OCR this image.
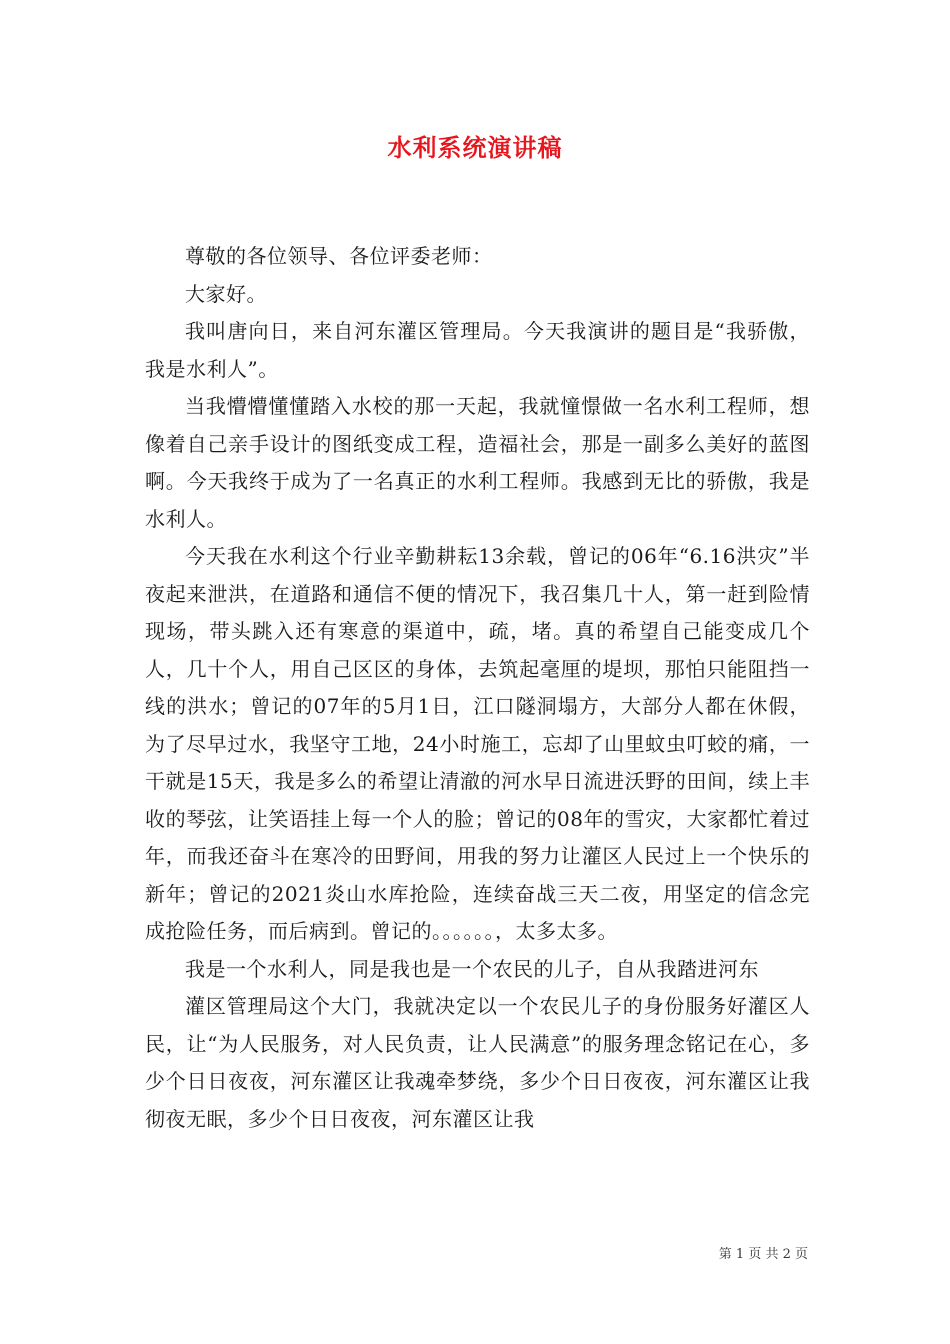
水利系统演讲稿

尊敬的各位领导、各位评委老师：

大家好。

我叫唐向日，来自河东灌区管理局。今天我演讲的题目是“我骄傲，我是水利人”。

当我懵懵懂懂踏入水校的那一天起，我就憧憬做一名水利工程师，想像着自己亲手设计的图纸变成工程，造福社会，那是一副多么美好的蓝图啊。今天我终于成为了一名真正的水利工程师。我感到无比的骄傲，我是水利人。

今天我在水利这个行业辛勤耕耘13余载，曾记的06年“6.16洪灾”半夜起来泄洪，在道路和通信不便的情况下，我召集几十人，第一赶到险情现场，带头跳入还有寒意的渠道中，疏，堵。真的希望自己能变成几个人，几十个人，用自己区区的身体，去筑起毫厘的堤坝，那怕只能阻挡一线的洪水；曾记的07年的5月1日，江口隧洞塌方，大部分人都在休假，为了尽早过水，我坚守工地，24小时施工，忘却了山里蚊虫叮蛟的痛，一干就是15天，我是多么的希望让清澈的河水早日流进沃野的田间，续上丰收的琴弦，让笑语挂上每一个人的脸；曾记的08年的雪灾，大家都忙着过年，而我还奋斗在寒冷的田野间，用我的努力让灌区人民过上一个快乐的新年；曾记的2021炎山水库抢险，连续奋战三天二夜，用坚定的信念完成抢险任务，而后病到。曾记的。。。。。。，太多太多。

我是一个水利人，同是我也是一个农民的儿子，自从我踏进河东

灌区管理局这个大门，我就决定以一个农民儿子的身份服务好灌区人民，让“为人民服务，对人民负责，让人民满意”的服务理念铭记在心，多少个日日夜夜，河东灌区让我魂牵梦绕，多少个日日夜夜，河东灌区让我彻夜无眠，多少个日日夜夜，河东灌区让我

第 1 页 共 2 页
